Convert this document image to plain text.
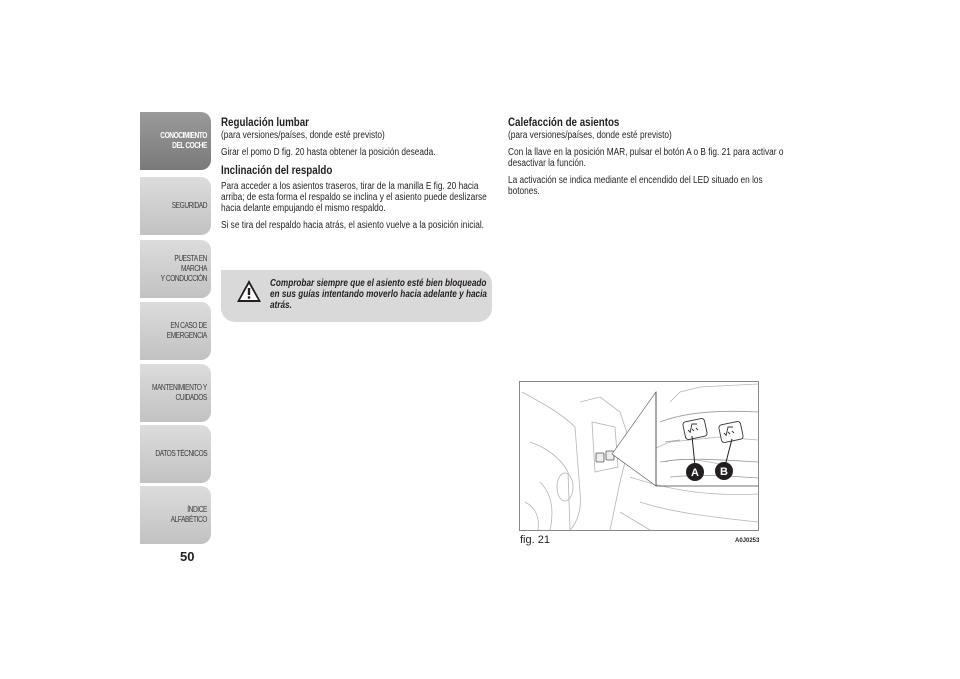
CONOCIMIENTO
DEL COCHE
SEGURIDAD
PUESTA EN MARCHA
Y CONDUCCIÓN
EN CASO DE
EMERGENCIA
MANTENIMIENTO Y
CUIDADOS
DATOS TÉCNICOS
ÍNDICE ALFABÉTICO
50

Regulación lumbar

(para versiones/países, donde esté previsto)

Girar el pomo D fig. 20 hasta obtener la posición deseada.

Inclinación del respaldo

Para acceder a los asientos traseros, tirar de la manilla E fig. 20 hacia arriba; de esta forma el respaldo se inclina y el asiento puede deslizarse hacia delante empujando el mismo respaldo.

Si se tira del respaldo hacia atrás, el asiento vuelve a la posición inicial.

Comprobar siempre que el asiento esté bien bloqueado en sus guías intentando moverlo hacia adelante y hacia atrás.

Calefacción de asientos

(para versiones/países, donde esté previsto)

Con la llave en la posición MAR, pulsar el botón A o B fig. 21 para activar o desactivar la función.

La activación se indica mediante el encendido del LED situado en los botones.

A B
fig. 21	A0J0253
